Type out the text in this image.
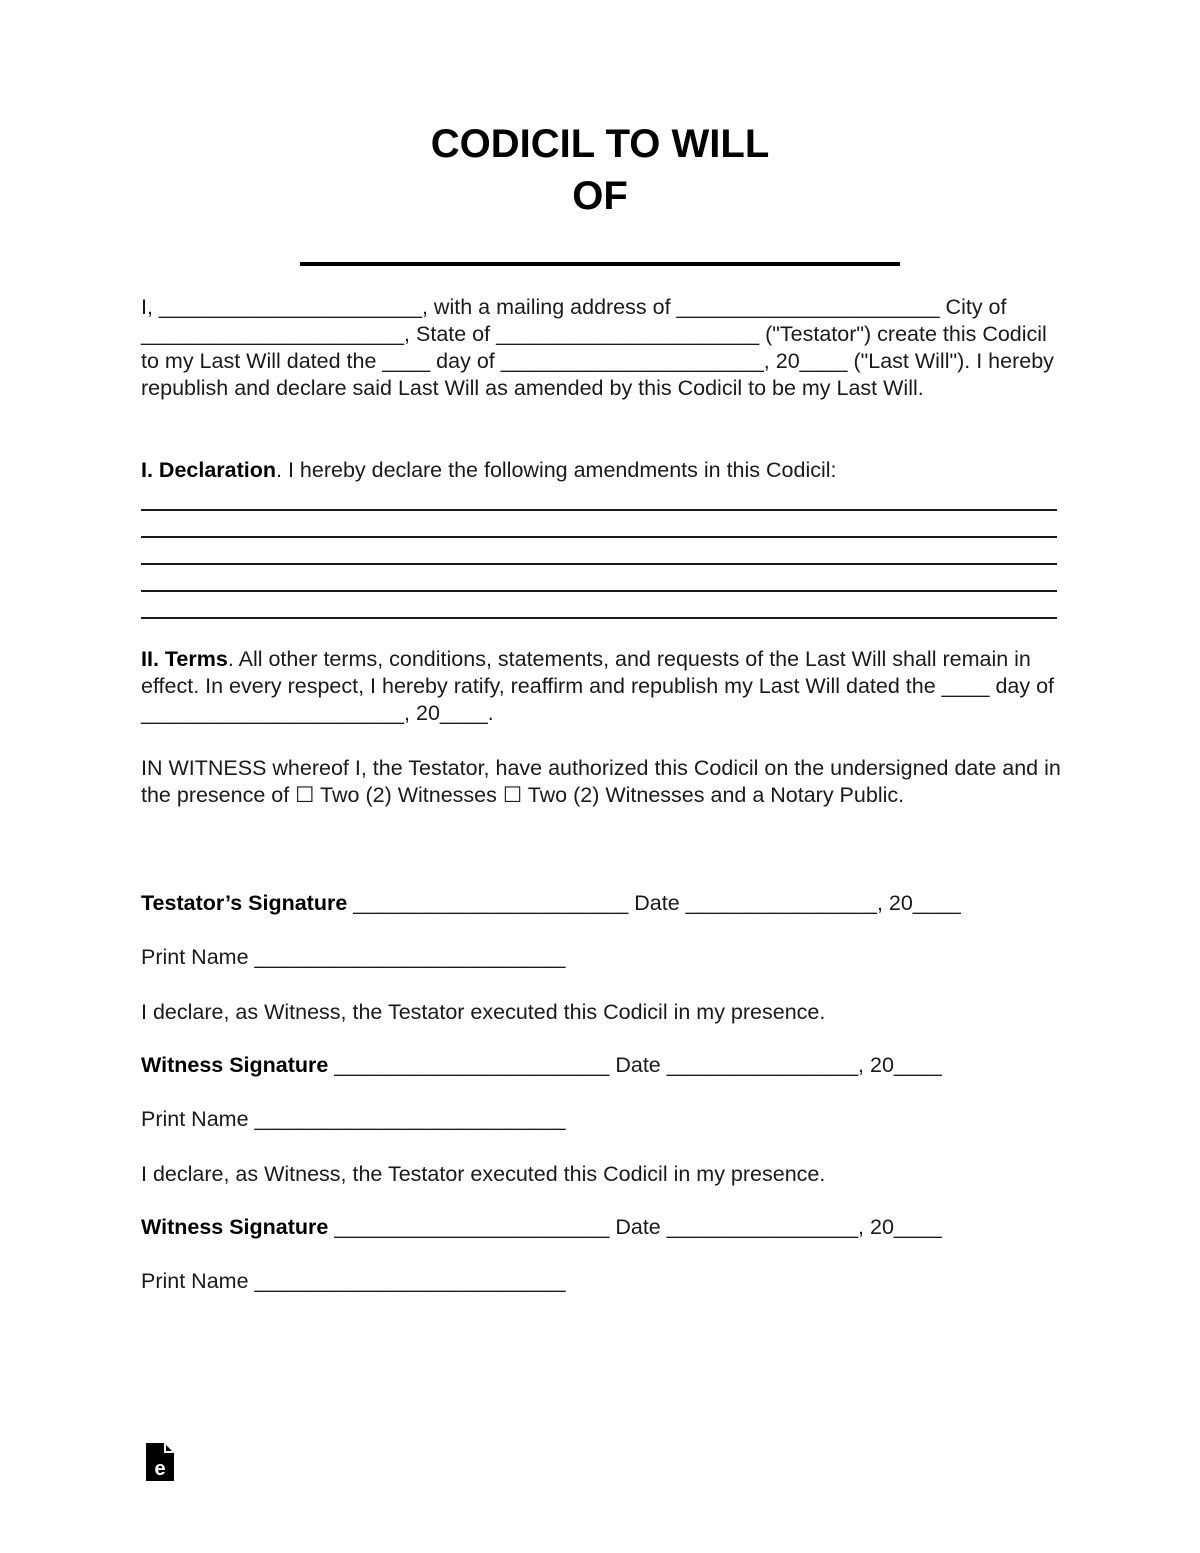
CODICIL TO WILL
OF

I, ______________________, with a mailing address of ______________________ City of ______________________, State of ______________________ ("Testator") create this Codicil to my Last Will dated the ____ day of ______________________, 20____ ("Last Will"). I hereby republish and declare said Last Will as amended by this Codicil to be my Last Will.

I. Declaration. I hereby declare the following amendments in this Codicil:

II. Terms. All other terms, conditions, statements, and requests of the Last Will shall remain in effect. In every respect, I hereby ratify, reaffirm and republish my Last Will dated the ____ day of ______________________, 20____.

IN WITNESS whereof I, the Testator, have authorized this Codicil on the undersigned date and in the presence of ☐ Two (2) Witnesses ☐ Two (2) Witnesses and a Notary Public.

Testator’s Signature _______________________ Date ________________, 20____
Print Name __________________________
I declare, as Witness, the Testator executed this Codicil in my presence.
Witness Signature _______________________ Date ________________, 20____
Print Name __________________________
I declare, as Witness, the Testator executed this Codicil in my presence.
Witness Signature _______________________ Date ________________, 20____
Print Name __________________________
e
